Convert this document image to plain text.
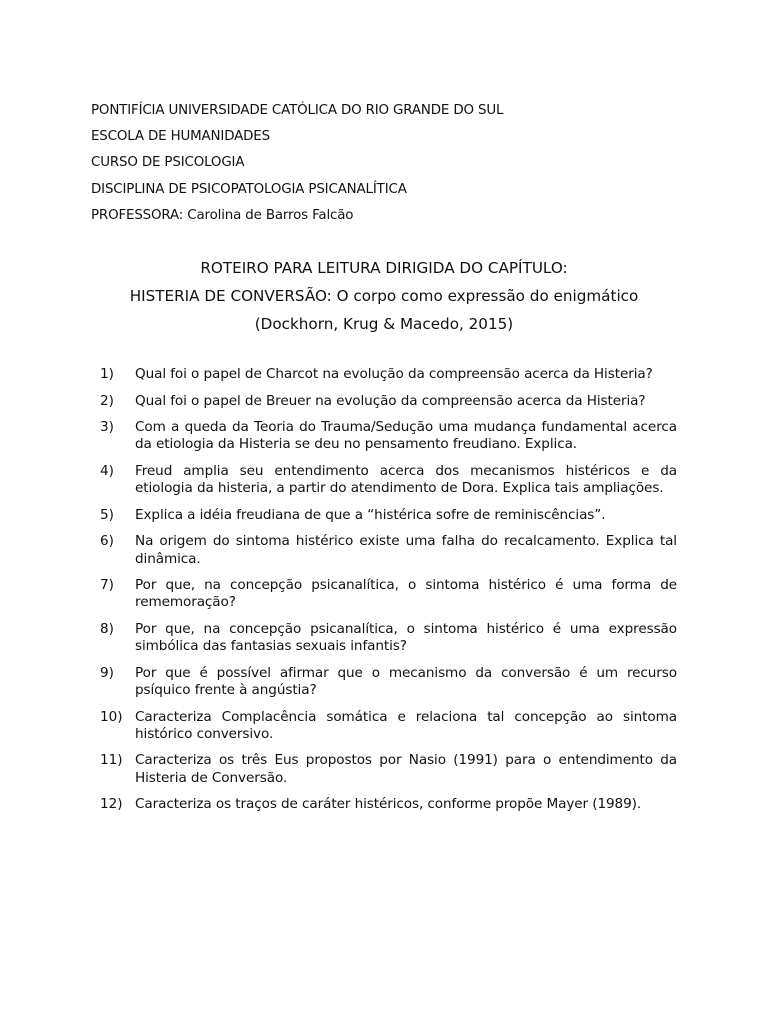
PONTIFÍCIA UNIVERSIDADE CATÓLICA DO RIO GRANDE DO SUL
ESCOLA DE HUMANIDADES
CURSO DE PSICOLOGIA
DISCIPLINA DE PSICOPATOLOGIA PSICANALÍTICA
PROFESSORA: Carolina de Barros Falcão
ROTEIRO PARA LEITURA DIRIGIDA DO CAPÍTULO:
HISTERIA DE CONVERSÃO: O corpo como expressão do enigmático
(Dockhorn, Krug & Macedo, 2015)
1)	Qual foi o papel de Charcot na evolução da compreensão acerca da Histeria?
2)	Qual foi o papel de Breuer na evolução da compreensão acerca da Histeria?
3)	Com a queda da Teoria do Trauma/Sedução uma mudança fundamental acerca da etiologia da Histeria se deu no pensamento freudiano. Explica.
4)	Freud amplia seu entendimento acerca dos mecanismos histéricos e da etiologia da histeria, a partir do atendimento de Dora. Explica tais ampliações.
5)	Explica a idéia freudiana de que a “histérica sofre de reminiscências”.
6)	Na origem do sintoma histérico existe uma falha do recalcamento. Explica tal dinâmica.
7)	Por que, na concepção psicanalítica, o sintoma histérico é uma forma de rememoração?
8)	Por que, na concepção psicanalítica, o sintoma histérico é uma expressão simbólica das fantasias sexuais infantis?
9)	Por que é possível afirmar que o mecanismo da conversão é um recurso psíquico frente à angústia?
10) Caracteriza Complacência somática e relaciona tal concepção ao sintoma histórico conversivo.
11) Caracteriza os três Eus propostos por Nasio (1991) para o entendimento da Histeria de Conversão.
12) Caracteriza os traços de caráter histéricos, conforme propõe Mayer (1989).
